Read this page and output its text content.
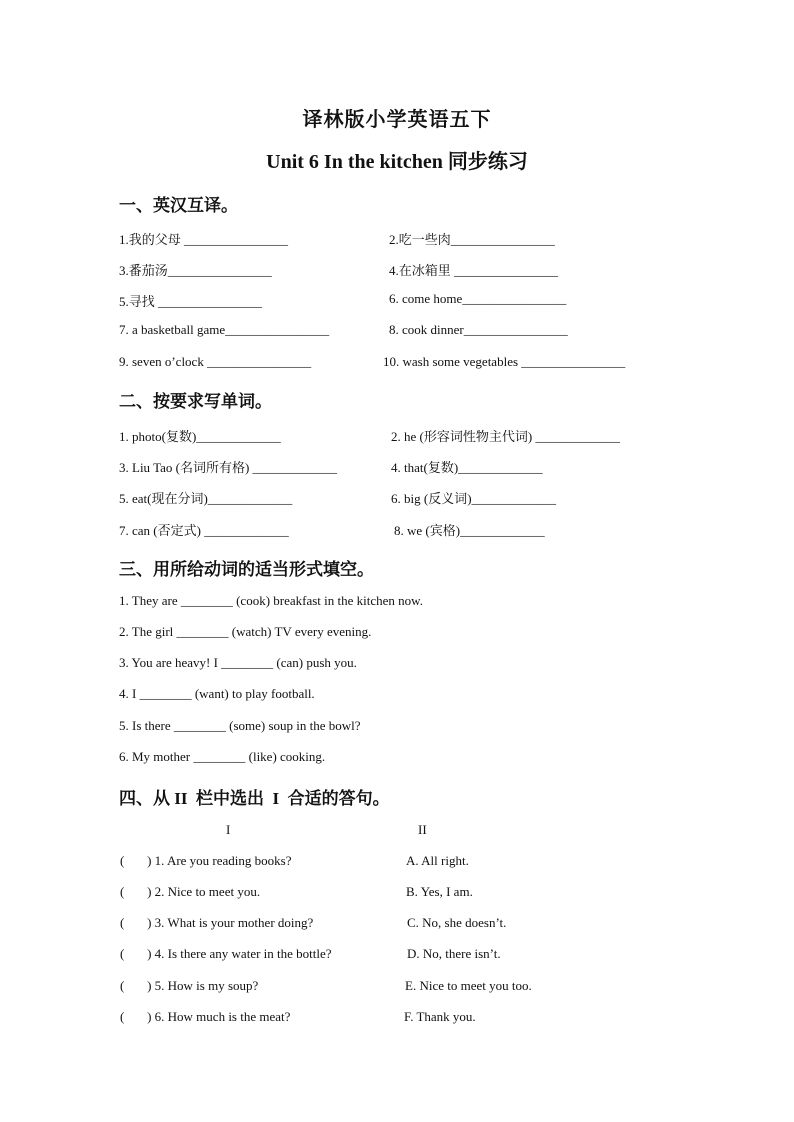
译林版小学英语五下
Unit 6 In the kitchen 同步练习
一、英汉互译。
1.我的父母 ________________	2.吃一些肉________________
3.番茄汤________________	4.在冰箱里 ________________
5.寻找 ________________	6. come home________________
7. a basketball game________________	8. cook dinner________________
9. seven o’clock ________________	10. wash some vegetables ________________
二、按要求写单词。
1. photo(复数)_____________	2. he (形容词性物主代词) _____________
3. Liu Tao (名词所有格) _____________	4. that(复数)_____________
5. eat(现在分词)_____________	6. big (反义词)_____________
7. can (否定式) _____________	8. we (宾格)_____________
三、用所给动词的适当形式填空。
1. They are ________ (cook) breakfast in the kitchen now.
2. The girl ________ (watch) TV every evening.
3. You are heavy! I ________ (can) push you.
4. I ________ (want) to play football.
5. Is there ________ (some) soup in the bowl?
6. My mother ________ (like) cooking.
四、从 II  栏中选出  I  合适的答句。
I	II
(       ) 1. Are you reading books?	A. All right.
(       ) 2. Nice to meet you.	B. Yes, I am.
(       ) 3. What is your mother doing?	C. No, she doesn’t.
(       ) 4. Is there any water in the bottle?	D. No, there isn’t.
(       ) 5. How is my soup?	E. Nice to meet you too.
(       ) 6. How much is the meat?	F. Thank you.
